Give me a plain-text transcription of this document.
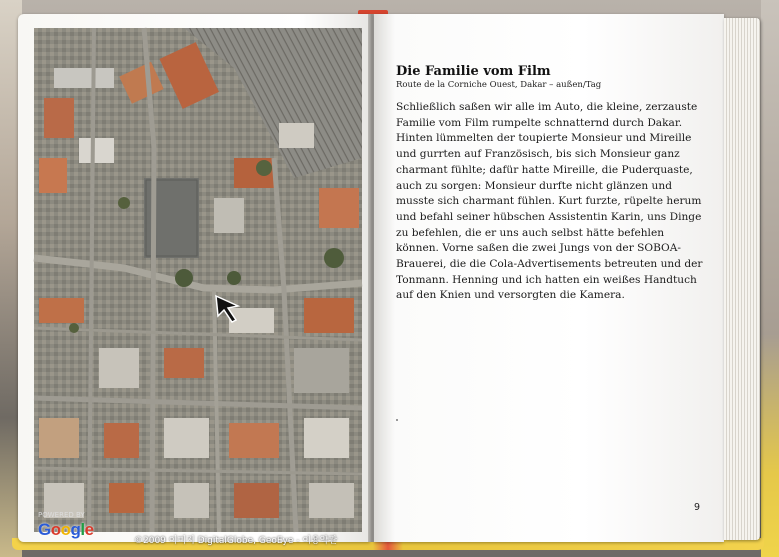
POWERED BY
Google
©2009 이미지 DigitalGlobe, GeoEye - 이용약관
Die Familie vom Film

Route de la Corniche Ouest, Dakar – außen/Tag

Schließlich saßen wir alle im Auto, die kleine, zerzauste Familie vom Film rumpelte schnatternd durch Dakar. Hinten lümmelten der toupierte Monsieur und Mireille und gurrten auf Französisch, bis sich Monsieur ganz charmant fühlte; dafür hatte Mireille, die Puderquaste, auch zu sorgen: Monsieur durfte nicht glänzen und musste sich charmant fühlen. Kurt furzte, rüpelte herum und befahl seiner hübschen Assistentin Karin, uns Dinge zu befehlen, die er uns auch selbst hätte befehlen können. Vorne saßen die zwei Jungs von der SOBOA-Brauerei, die die Cola-Advertisements betreuten und der Tonmann. Henning und ich hatten ein weißes Handtuch auf den Knien und versorgten die Kamera.

9
